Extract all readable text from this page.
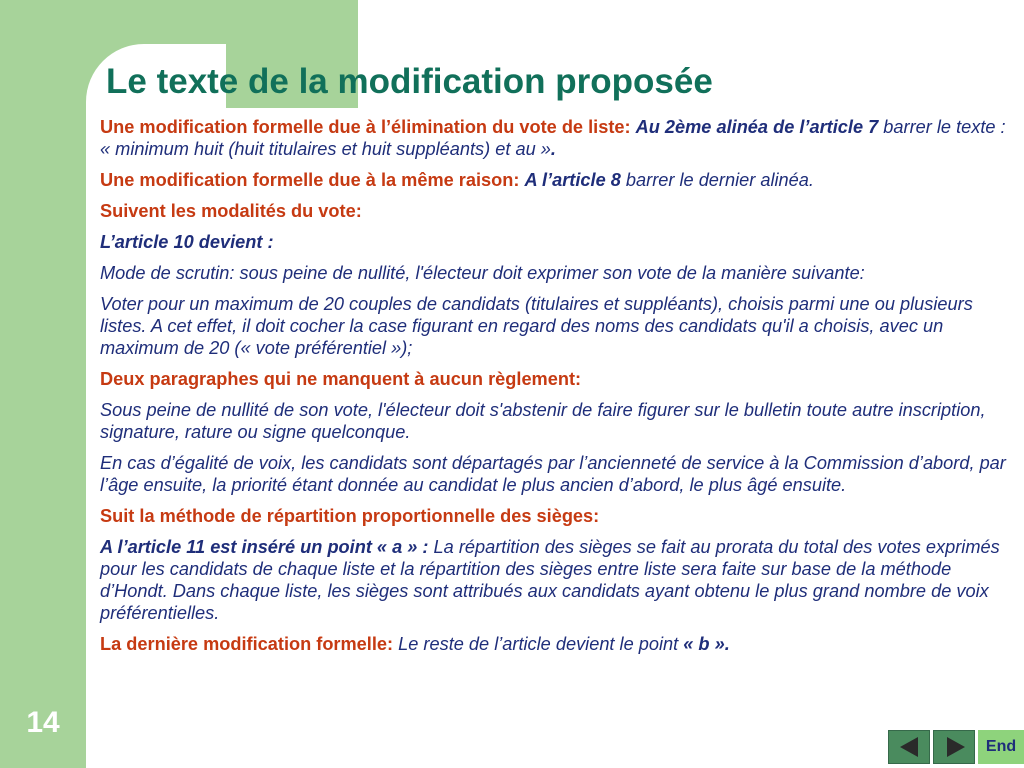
14
Le texte de la modification proposée

Une modification formelle due à l’élimination du vote de liste: Au 2ème alinéa de l’article 7 barrer le texte : « minimum huit (huit titulaires et huit suppléants) et au ».

Une modification formelle due à la même raison: A l’article 8 barrer le dernier alinéa.

Suivent les modalités du vote:

L’article 10 devient :

Mode de scrutin: sous peine de nullité, l'électeur doit exprimer son vote de la manière suivante:

Voter pour un maximum de 20 couples de candidats (titulaires et suppléants), choisis parmi une ou plusieurs listes. A cet effet, il doit cocher la case figurant en regard des noms des candidats qu'il a choisis, avec un maximum de 20 (« vote préférentiel »);

Deux paragraphes qui ne manquent à aucun règlement:

Sous peine de nullité de son vote, l'électeur doit s'abstenir de faire figurer sur le bulletin toute autre inscription, signature, rature ou signe quelconque.

En cas d’égalité de voix, les candidats sont départagés par l’ancienneté de service à la Commission d’abord, par l’âge ensuite, la priorité étant donnée au candidat le plus ancien d’abord, le plus âgé ensuite.

Suit la méthode de répartition proportionnelle des sièges:

A l’article 11 est inséré un point « a » : La répartition des sièges se fait au prorata du total des votes exprimés pour les candidats de chaque liste et la répartition des sièges entre liste sera faite sur base de la méthode d’Hondt. Dans chaque liste, les sièges sont attribués aux candidats ayant obtenu le plus grand nombre de voix préférentielles.

La dernière modification formelle: Le reste de l’article devient le point « b ».

End
